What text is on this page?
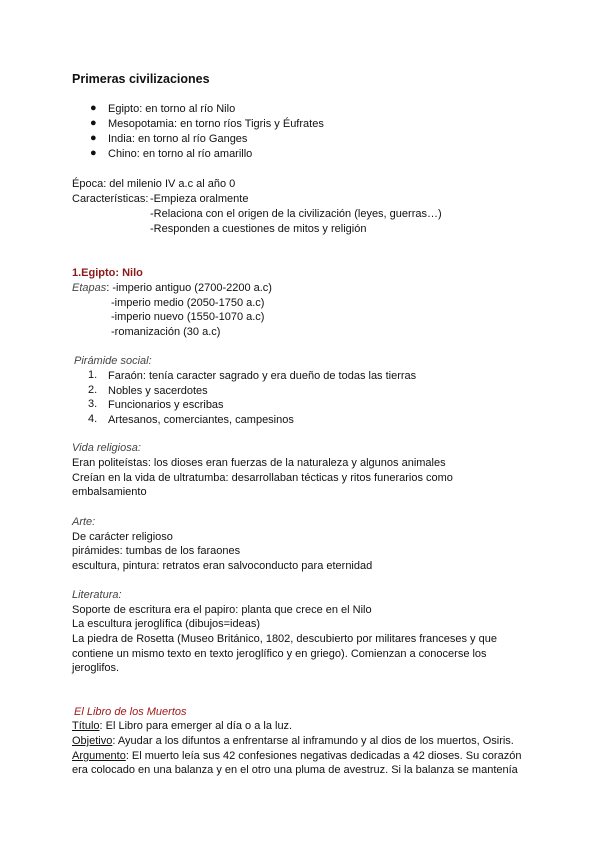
Primeras civilizaciones
● Egipto: en torno al río Nilo
● Mesopotamia: en torno ríos Tigris y Éufrates
● India: en torno al río Ganges
● Chino: en torno al río amarillo
Época: del milenio IV a.c al año 0
Características: -Empieza oralmente
-Relaciona con el origen de la civilización (leyes, guerras…)
-Responden a cuestiones de mitos y religión
1.Egipto: Nilo
Etapas: -imperio antiguo (2700-2200 a.c)
-imperio medio (2050-1750 a.c)
-imperio nuevo (1550-1070 a.c)
-romanización (30 a.c)
Pirámide social:
1. Faraón: tenía caracter sagrado y era dueño de todas las tierras
2. Nobles y sacerdotes
3. Funcionarios y escribas
4. Artesanos, comerciantes, campesinos
Vida religiosa:
Eran politeístas: los dioses eran fuerzas de la naturaleza y algunos animales
Creían en la vida de ultratumba: desarrollaban técticas y ritos funerarios como
embalsamiento
Arte:
De carácter religioso
pirámides: tumbas de los faraones
escultura, pintura: retratos eran salvoconducto para eternidad
Literatura:
Soporte de escritura era el papiro: planta que crece en el Nilo
La escultura jeroglífica (dibujos=ideas)
La piedra de Rosetta (Museo Británico, 1802, descubierto por militares franceses y que
contiene un mismo texto en texto jeroglífico y en griego). Comienzan a conocerse los
jeroglifos.
El Libro de los Muertos
Título: El Libro para emerger al día o a la luz.
Objetivo: Ayudar a los difuntos a enfrentarse al inframundo y al dios de los muertos, Osiris.
Argumento: El muerto leía sus 42 confesiones negativas dedicadas a 42 dioses. Su corazón
era colocado en una balanza y en el otro una pluma de avestruz. Si la balanza se mantenía
